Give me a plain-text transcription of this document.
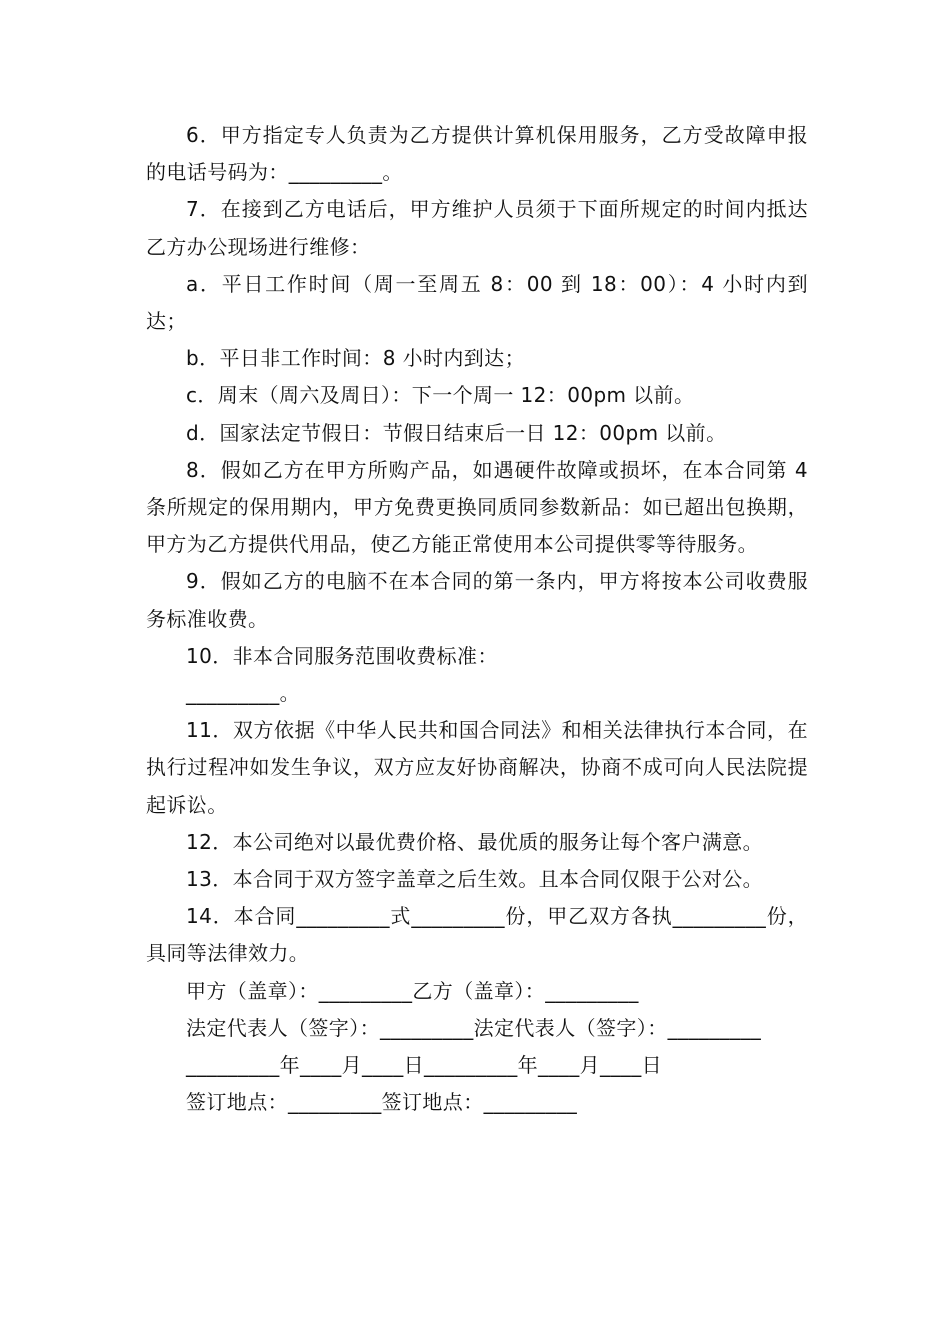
6．甲方指定专人负责为乙方提供计算机保用服务，乙方受故障申报的电话号码为：_________。

7．在接到乙方电话后，甲方维护人员须于下面所规定的时间内抵达乙方办公现场进行维修：

a．平日工作时间（周一至周五 8：00 到 18：00）：4 小时内到达；

b．平日非工作时间：8 小时内到达；

c．周末（周六及周日）：下一个周一 12：00pm 以前。

d．国家法定节假日：节假日结束后一日 12：00pm 以前。

8．假如乙方在甲方所购产品，如遇硬件故障或损坏，在本合同第 4 条所规定的保用期内，甲方免费更换同质同参数新品：如已超出包换期，甲方为乙方提供代用品，使乙方能正常使用本公司提供零等待服务。

9．假如乙方的电脑不在本合同的第一条内，甲方将按本公司收费服务标准收费。

10．非本合同服务范围收费标准：

_________。

11．双方依据《中华人民共和国合同法》和相关法律执行本合同，在执行过程冲如发生争议，双方应友好协商解决，协商不成可向人民法院提起诉讼。

12．本公司绝对以最优费价格、最优质的服务让每个客户满意。

13．本合同于双方签字盖章之后生效。且本合同仅限于公对公。

14．本合同_________式_________份，甲乙双方各执_________份，具同等法律效力。

甲方（盖章）：_________乙方（盖章）：_________

法定代表人（签字）：_________法定代表人（签字）：_________

_________年____月____日_________年____月____日

签订地点：_________签订地点：_________
